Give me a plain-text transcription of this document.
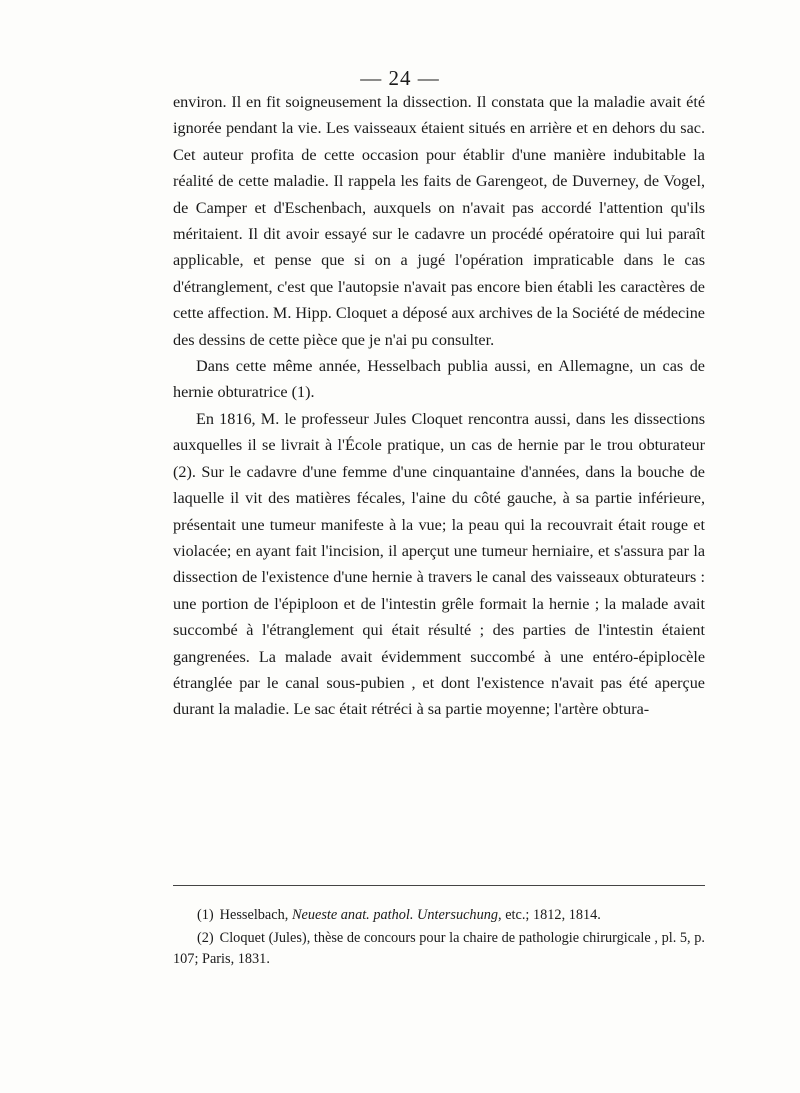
— 24 —

environ. Il en fit soigneusement la dissection. Il constata que la maladie avait été ignorée pendant la vie. Les vaisseaux étaient situés en arrière et en dehors du sac. Cet auteur profita de cette occasion pour établir d'une manière indubitable la réalité de cette maladie. Il rappela les faits de Garengeot, de Duverney, de Vogel, de Camper et d'Eschenbach, auxquels on n'avait pas accordé l'attention qu'ils méritaient. Il dit avoir essayé sur le cadavre un procédé opératoire qui lui paraît applicable, et pense que si on a jugé l'opération impraticable dans le cas d'étranglement, c'est que l'autopsie n'avait pas encore bien établi les caractères de cette affection. M. Hipp. Cloquet a déposé aux archives de la Société de médecine des dessins de cette pièce que je n'ai pu consulter.

Dans cette même année, Hesselbach publia aussi, en Allemagne, un cas de hernie obturatrice (1).

En 1816, M. le professeur Jules Cloquet rencontra aussi, dans les dissections auxquelles il se livrait à l'École pratique, un cas de hernie par le trou obturateur (2). Sur le cadavre d'une femme d'une cinquantaine d'années, dans la bouche de laquelle il vit des matières fécales, l'aine du côté gauche, à sa partie inférieure, présentait une tumeur manifeste à la vue; la peau qui la recouvrait était rouge et violacée; en ayant fait l'incision, il aperçut une tumeur herniaire, et s'assura par la dissection de l'existence d'une hernie à travers le canal des vaisseaux obturateurs : une portion de l'épiploon et de l'intestin grêle formait la hernie ; la malade avait succombé à l'étranglement qui était résulté ; des parties de l'intestin étaient gangrenées. La malade avait évidemment succombé à une entéro-épiplocèle étranglée par le canal sous-pubien , et dont l'existence n'avait pas été aperçue durant la maladie. Le sac était rétréci à sa partie moyenne; l'artère obtura-

(1) Hesselbach, Neueste anat. pathol. Untersuchung, etc.; 1812, 1814.

(2) Cloquet (Jules), thèse de concours pour la chaire de pathologie chirurgicale , pl. 5, p. 107; Paris, 1831.
